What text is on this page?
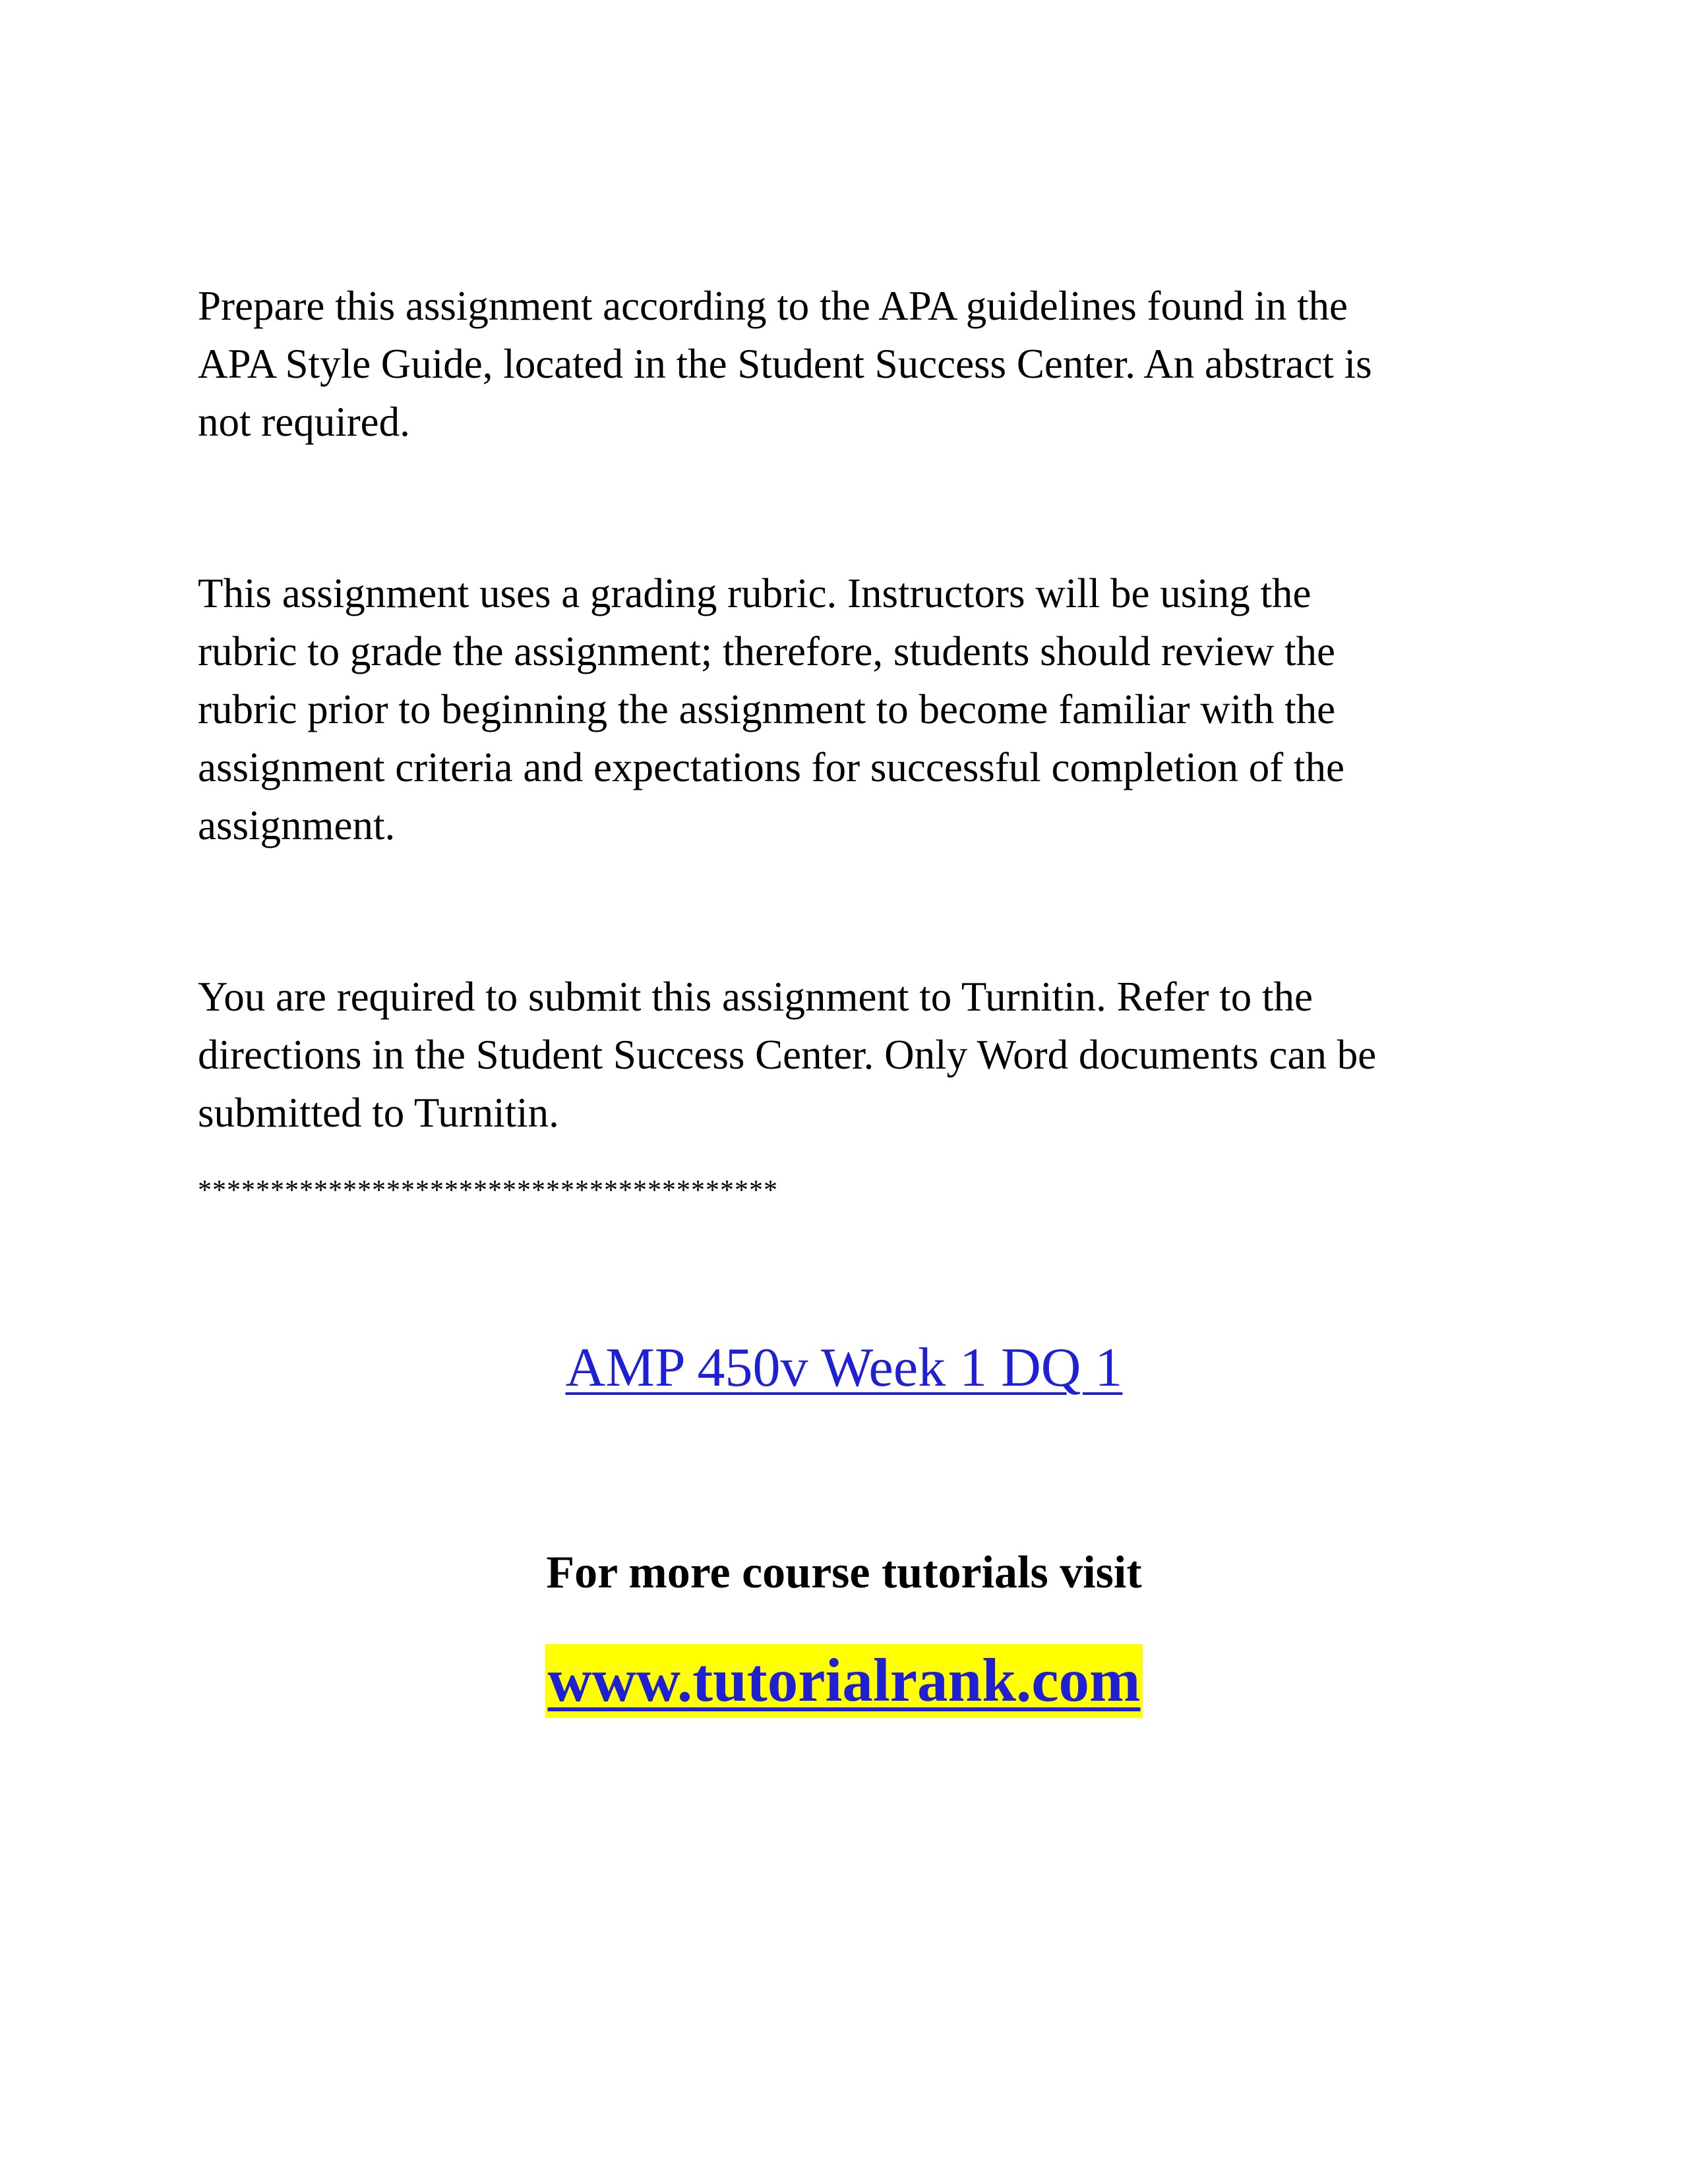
Prepare this assignment according to the APA guidelines found in the
APA Style Guide, located in the Student Success Center. An abstract is
not required.

This assignment uses a grading rubric. Instructors will be using the
rubric to grade the assignment; therefore, students should review the
rubric prior to beginning the assignment to become familiar with the
assignment criteria and expectations for successful completion of the
assignment.

You are required to submit this assignment to Turnitin. Refer to the
directions in the Student Success Center. Only Word documents can be
submitted to Turnitin.

****************************************

AMP 450v Week 1 DQ 1

For more course tutorials visit

www.tutorialrank.com
